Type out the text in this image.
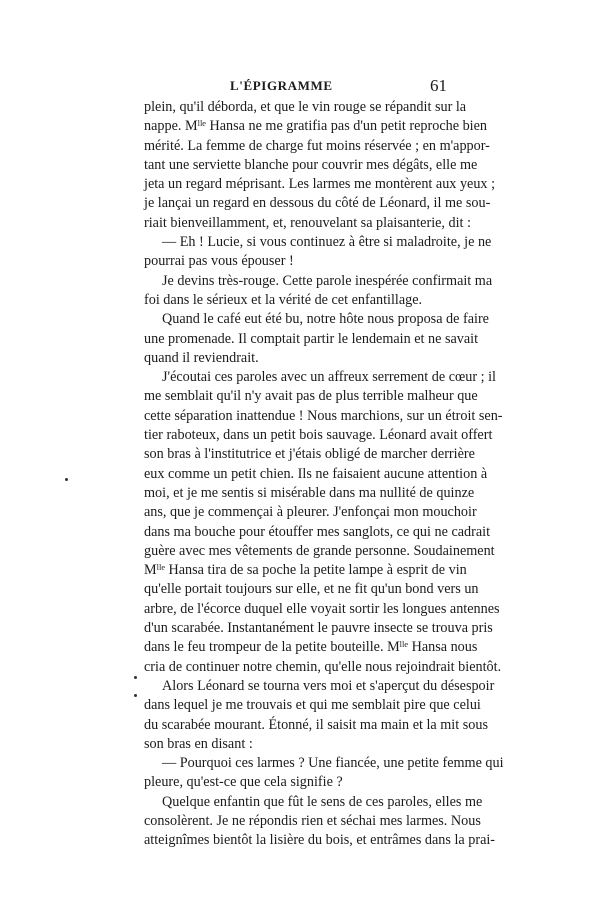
L'ÉPIGRAMME	61
plein, qu'il déborda, et que le vin rouge se répandit sur la
nappe. Mˡˡᵉ Hansa ne me gratifia pas d'un petit reproche bien
mérité. La femme de charge fut moins réservée ; en m'appor-
tant une serviette blanche pour couvrir mes dégâts, elle me
jeta un regard méprisant. Les larmes me montèrent aux yeux ;
je lançai un regard en dessous du côté de Léonard, il me sou-
riait bienveillamment, et, renouvelant sa plaisanterie, dit :
— Eh ! Lucie, si vous continuez à être si maladroite, je ne
pourrai pas vous épouser !
Je devins très-rouge. Cette parole inespérée confirmait ma
foi dans le sérieux et la vérité de cet enfantillage.
Quand le café eut été bu, notre hôte nous proposa de faire
une promenade. Il comptait partir le lendemain et ne savait
quand il reviendrait.
J'écoutai ces paroles avec un affreux serrement de cœur ; il
me semblait qu'il n'y avait pas de plus terrible malheur que
cette séparation inattendue ! Nous marchions, sur un étroit sen-
tier raboteux, dans un petit bois sauvage. Léonard avait offert
son bras à l'institutrice et j'étais obligé de marcher derrière
eux comme un petit chien. Ils ne faisaient aucune attention à
moi, et je me sentis si misérable dans ma nullité de quinze
ans, que je commençai à pleurer. J'enfonçai mon mouchoir
dans ma bouche pour étouffer mes sanglots, ce qui ne cadrait
guère avec mes vêtements de grande personne. Soudainement
Mˡˡᵉ Hansa tira de sa poche la petite lampe à esprit de vin
qu'elle portait toujours sur elle, et ne fit qu'un bond vers un
arbre, de l'écorce duquel elle voyait sortir les longues antennes
d'un scarabée. Instantanément le pauvre insecte se trouva pris
dans le feu trompeur de la petite bouteille. Mˡˡᵉ Hansa nous
cria de continuer notre chemin, qu'elle nous rejoindrait bientôt.
Alors Léonard se tourna vers moi et s'aperçut du désespoir
dans lequel je me trouvais et qui me semblait pire que celui
du scarabée mourant. Étonné, il saisit ma main et la mit sous
son bras en disant :
— Pourquoi ces larmes ? Une fiancée, une petite femme qui
pleure, qu'est-ce que cela signifie ?
Quelque enfantin que fût le sens de ces paroles, elles me
consolèrent. Je ne répondis rien et séchai mes larmes. Nous
atteignîmes bientôt la lisière du bois, et entrâmes dans la prai-
